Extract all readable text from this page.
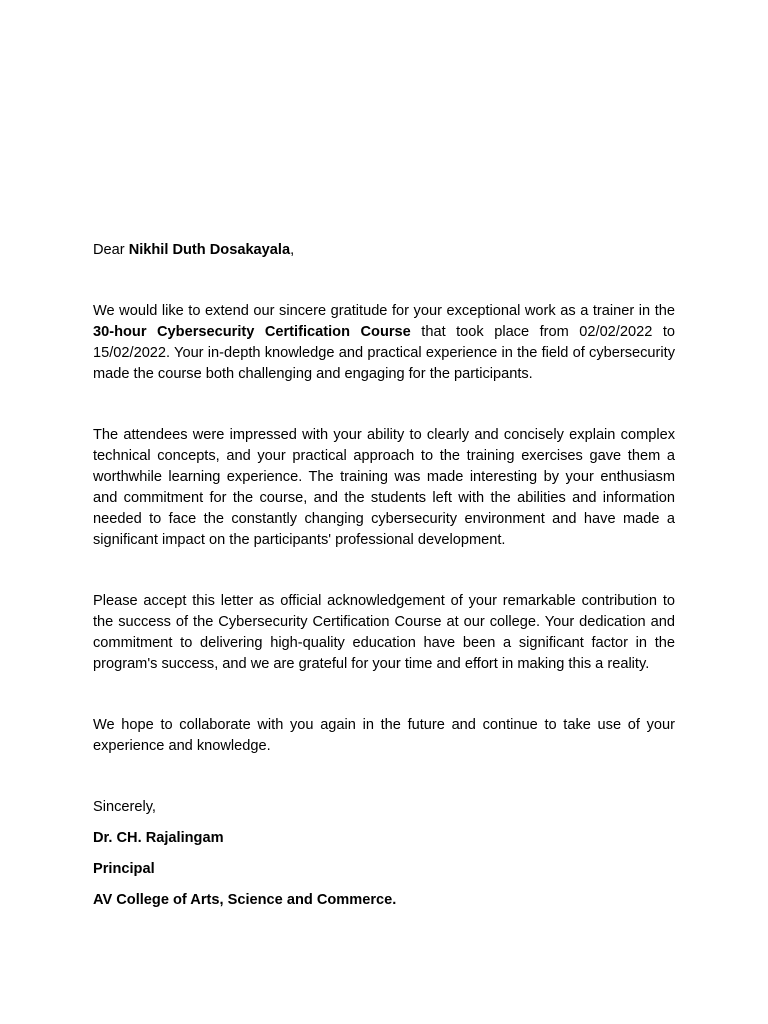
Dear Nikhil Duth Dosakayala,

We would like to extend our sincere gratitude for your exceptional work as a trainer in the 30-hour Cybersecurity Certification Course that took place from 02/02/2022 to 15/02/2022. Your in-depth knowledge and practical experience in the field of cybersecurity made the course both challenging and engaging for the participants.

The attendees were impressed with your ability to clearly and concisely explain complex technical concepts, and your practical approach to the training exercises gave them a worthwhile learning experience. The training was made interesting by your enthusiasm and commitment for the course, and the students left with the abilities and information needed to face the constantly changing cybersecurity environment and have made a significant impact on the participants' professional development.

Please accept this letter as official acknowledgement of your remarkable contribution to the success of the Cybersecurity Certification Course at our college. Your dedication and commitment to delivering high-quality education have been a significant factor in the program's success, and we are grateful for your time and effort in making this a reality.

We hope to collaborate with you again in the future and continue to take use of your experience and knowledge.

Sincerely,

Dr. CH. Rajalingam

Principal

AV College of Arts, Science and Commerce.
